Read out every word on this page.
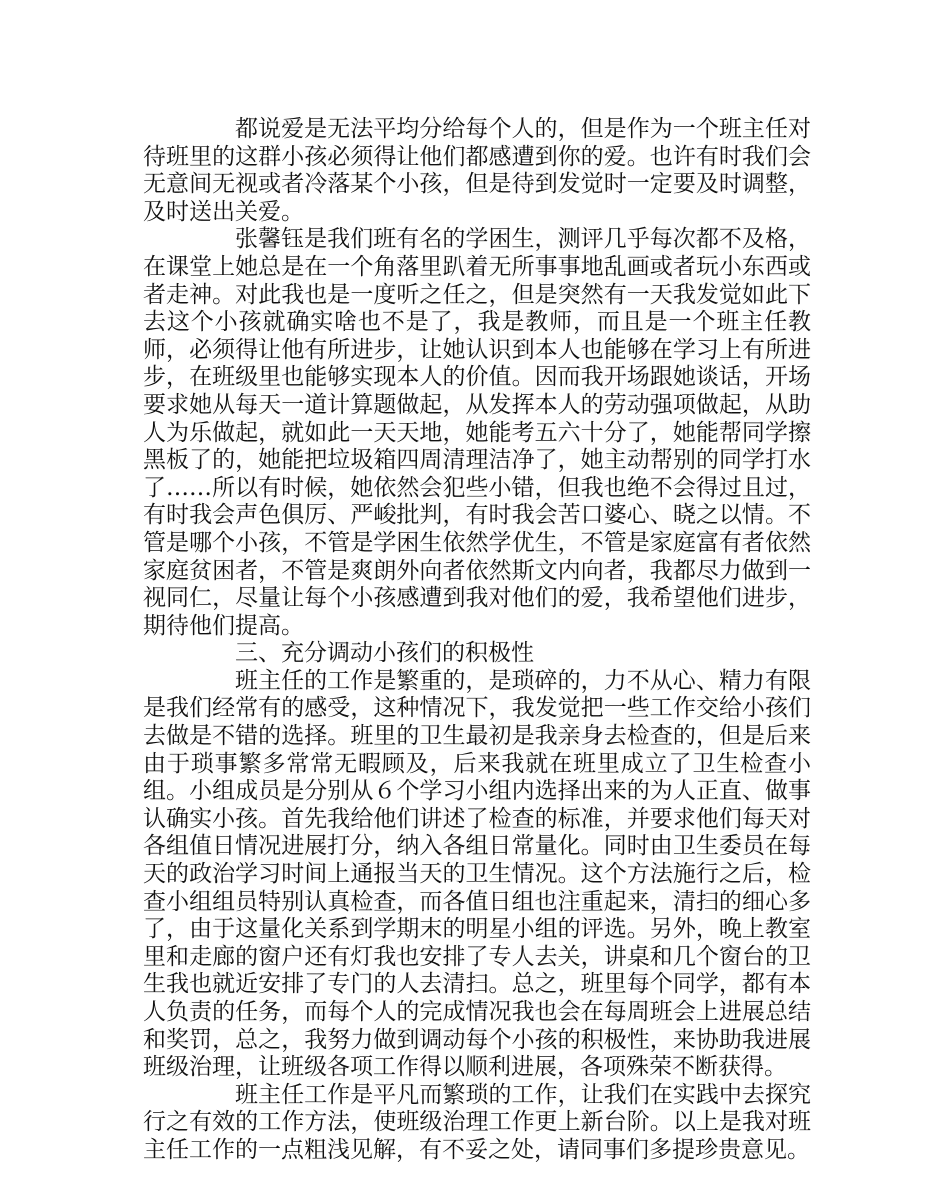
都说爱是无法平均分给每个人的，但是作为一个班主任对待班里的这群小孩必须得让他们都感遭到你的爱。也许有时我们会无意间无视或者冷落某个小孩，但是待到发觉时一定要及时调整，及时送出关爱。

张馨钰是我们班有名的学困生，测评几乎每次都不及格，在课堂上她总是在一个角落里趴着无所事事地乱画或者玩小东西或者走神。对此我也是一度听之任之，但是突然有一天我发觉如此下去这个小孩就确实啥也不是了，我是教师，而且是一个班主任教师，必须得让他有所进步，让她认识到本人也能够在学习上有所进步，在班级里也能够实现本人的价值。因而我开场跟她谈话，开场要求她从每天一道计算题做起，从发挥本人的劳动强项做起，从助人为乐做起，就如此一天天地，她能考五六十分了，她能帮同学擦黑板了的，她能把垃圾箱四周清理洁净了，她主动帮别的同学打水了……所以有时候，她依然会犯些小错，但我也绝不会得过且过，有时我会声色俱厉、严峻批判，有时我会苦口婆心、晓之以情。不管是哪个小孩，不管是学困生依然学优生，不管是家庭富有者依然家庭贫困者，不管是爽朗外向者依然斯文内向者，我都尽力做到一视同仁，尽量让每个小孩感遭到我对他们的爱，我希望他们进步，期待他们提高。

三、充分调动小孩们的积极性

班主任的工作是繁重的，是琐碎的，力不从心、精力有限是我们经常有的感受，这种情况下，我发觉把一些工作交给小孩们去做是不错的选择。班里的卫生最初是我亲身去检查的，但是后来由于琐事繁多常常无暇顾及，后来我就在班里成立了卫生检查小组。小组成员是分别从６个学习小组内选择出来的为人正直、做事认确实小孩。首先我给他们讲述了检查的标准，并要求他们每天对各组值日情况进展打分，纳入各组日常量化。同时由卫生委员在每天的政治学习时间上通报当天的卫生情况。这个方法施行之后，检查小组组员特别认真检查，而各值日组也注重起来，清扫的细心多了，由于这量化关系到学期末的明星小组的评选。另外，晚上教室里和走廊的窗户还有灯我也安排了专人去关，讲桌和几个窗台的卫生我也就近安排了专门的人去清扫。总之，班里每个同学，都有本人负责的任务，而每个人的完成情况我也会在每周班会上进展总结和奖罚，总之，我努力做到调动每个小孩的积极性，来协助我进展班级治理，让班级各项工作得以顺利进展，各项殊荣不断获得。

班主任工作是平凡而繁琐的工作，让我们在实践中去探究行之有效的工作方法，使班级治理工作更上新台阶。以上是我对班主任工作的一点粗浅见解，有不妥之处，请同事们多提珍贵意见。
